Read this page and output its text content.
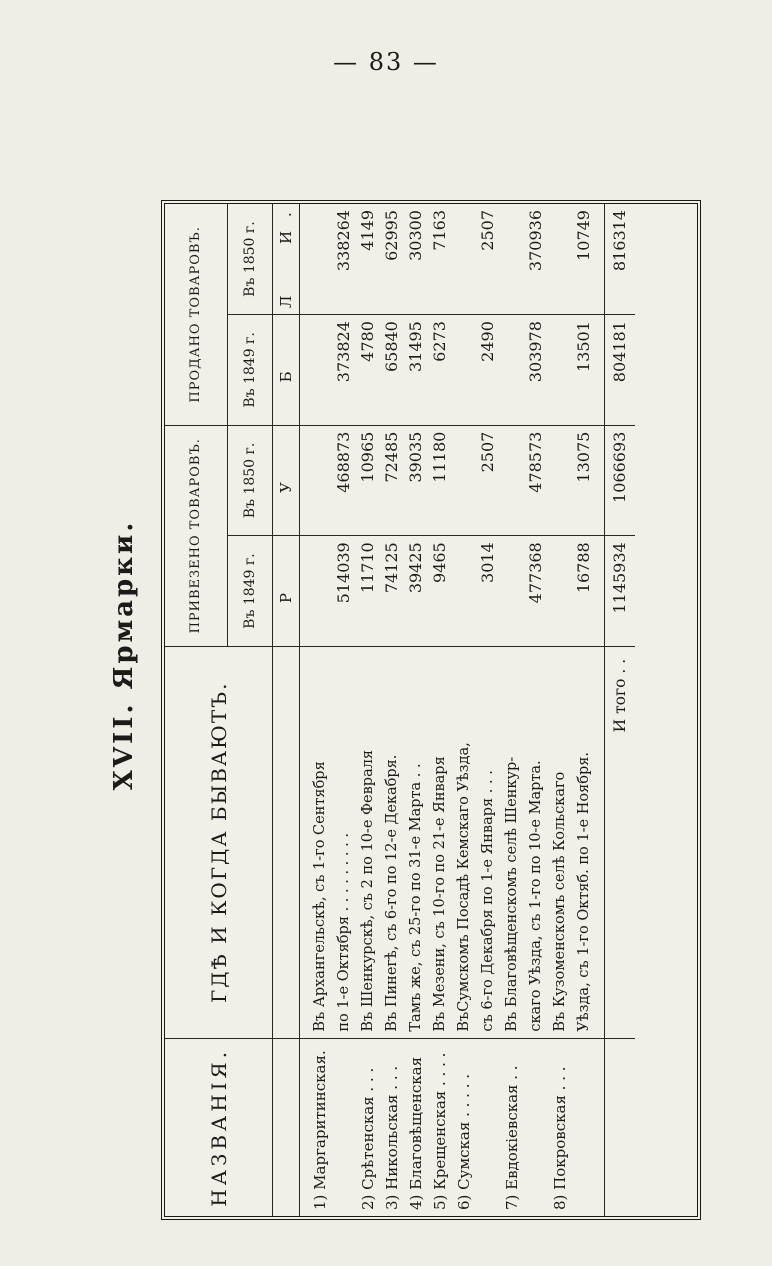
— 83 —
XVII. Ярмарки.
НАЗВАНІЯ.	ГДѢ И КОГДА БЫВАЮТЪ.	ПРИВЕЗЕНО ТОВАРОВЪ.		ПРОДАНО ТОВАРОВЪ.	
		Въ 1849 г.	Въ 1850 г.	Въ 1849 г.	Въ 1850 г.
		Р	У	Б	Л  И.

1) Маргаритинская.	Въ Архангельскѣ, съ 1-го Сентября				
	по 1-е Октября . . . . . . . . .	514039	468873	373824	338264
2) Срѣтенская . . .	Въ Шенкурскѣ, съ 2 по 10-е Февраля	11710	10965	4780	4149
3) Никольская . . .	Въ Пинегѣ, съ 6-го по 12-е Декабря.	74125	72485	65840	62995
4) Благовѣщенская	Тамъ же, съ 25-го по 31-е Марта . .	39425	39035	31495	30300
5) Крещенская . . . .	Въ Мезени, съ 10-го по 21-е Января	9465	11180	6273	7163
6) Сумская . . . . .	ВъСумскомъ Посадѣ Кемскаго Уѣзда,				
	съ 6-го Декабря по 1-е Января . . .	3014	2507	2490	2507
7) Евдокіевская . .	Въ Благовѣщенскомъ селѣ Шенкур-				
	скаго Уѣзда, съ 1-го по 10-е Марта.	477368	478573	303978	370936
8) Покровская . . .	Въ Кузоменскомъ селѣ Кольскаго				
	Уѣзда, съ 1-го Октяб. по 1-е Ноября.	16788	13075	13501	10749

	И того . .	1145934	1066693	804181	816314
